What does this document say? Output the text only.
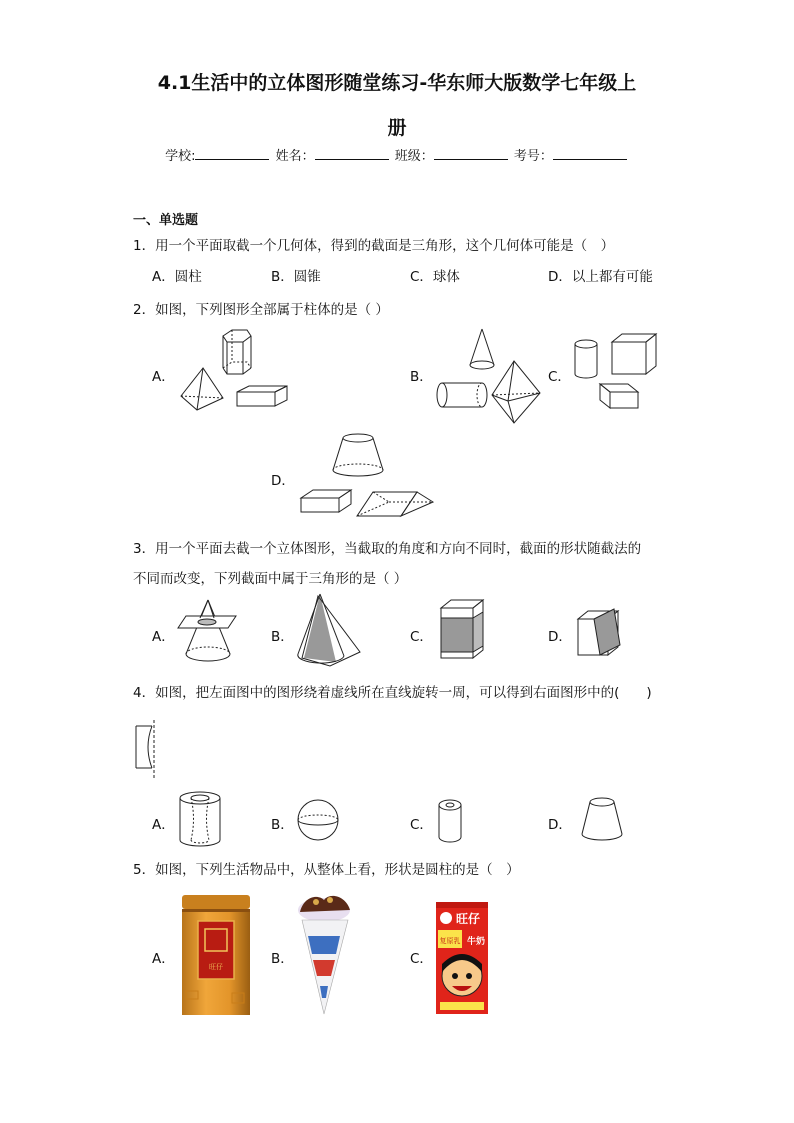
4.1生活中的立体图形随堂练习-华东师大版数学七年级上
册
学校:	姓名：	班级：	考号：
一、单选题
1．用一个平面取截一个几何体，得到的截面是三角形，这个几何体可能是（　）
A．圆柱	B．圆锥	C．球体	D．以上都有可能
2．如图，下列图形全部属于柱体的是（ ）
A．	B．	C．
D．
3．用一个平面去截一个立体图形，当截取的角度和方向不同时，截面的形状随截法的
不同而改变，下列截面中属于三角形的是（ ）
A．	B．	C．	D．
4．如图，把左面图中的图形绕着虚线所在直线旋转一周，可以得到右面图形中的(　　)
A．	B．	C．	D．
5．如图，下列生活物品中，从整体上看，形状是圆柱的是（　）
A．	B．	C．
旺仔
旺仔
复原乳 牛奶
